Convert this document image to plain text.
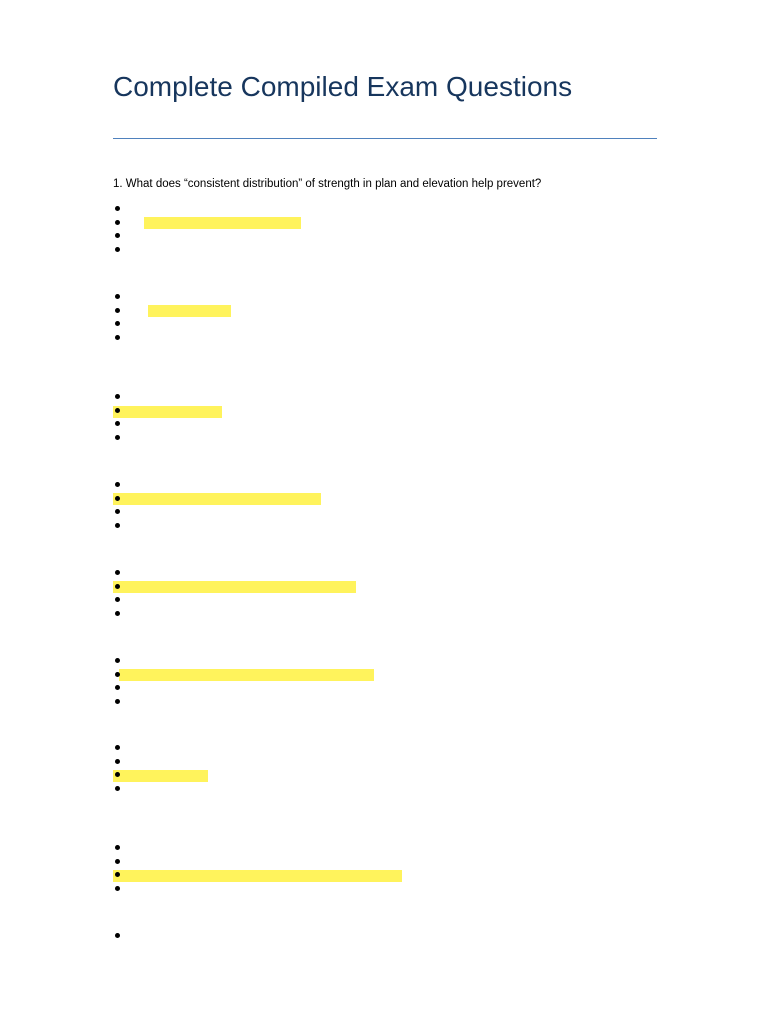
Complete Compiled Exam Questions
1. What does “consistent distribution” of strength in plan and elevation help prevent?
